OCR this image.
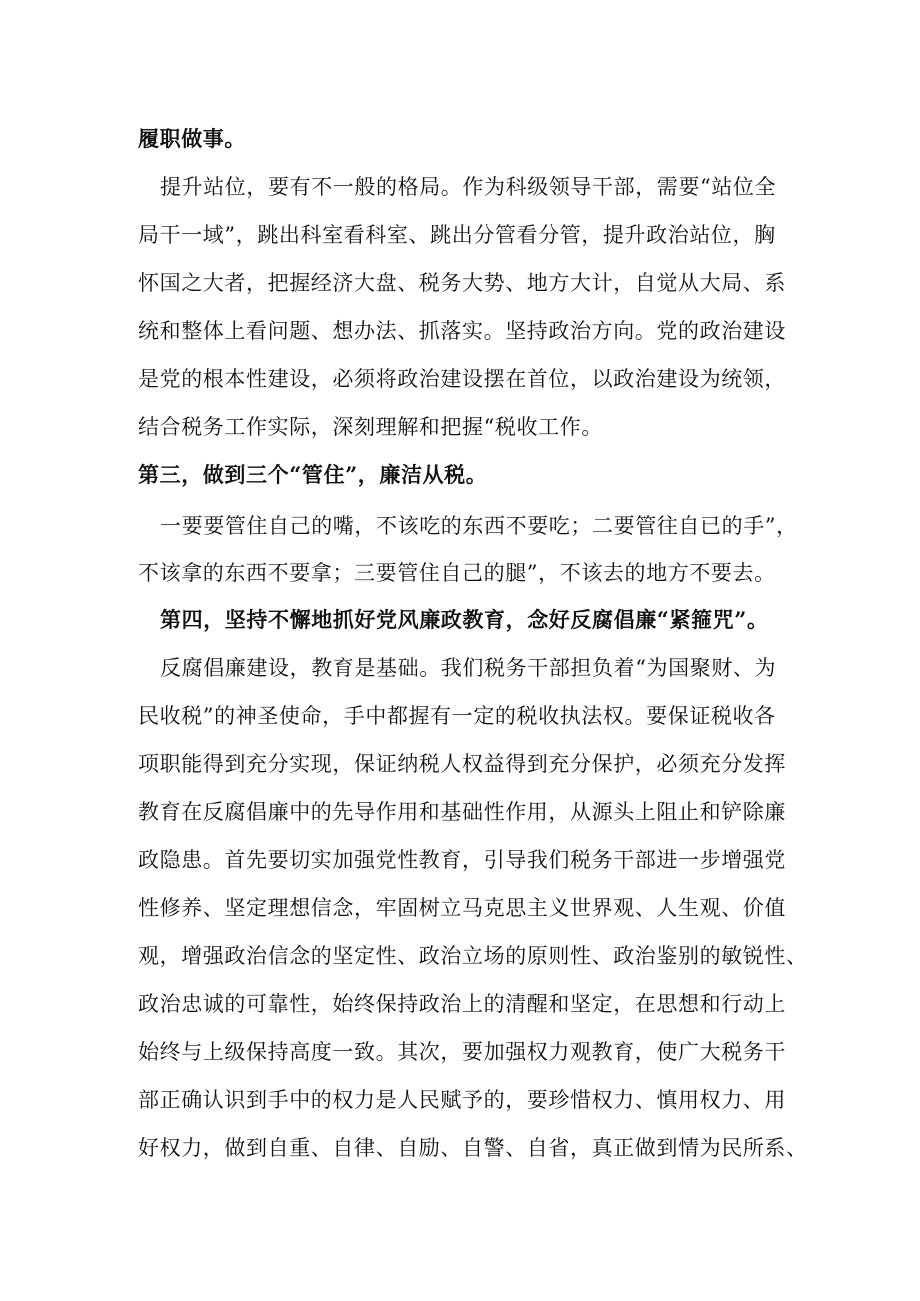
履职做事。
提升站位，要有不一般的格局。作为科级领导干部，需要“站位全
局干一域”，跳出科室看科室、跳出分管看分管，提升政治站位，胸
怀国之大者，把握经济大盘、税务大势、地方大计，自觉从大局、系
统和整体上看问题、想办法、抓落实。坚持政治方向。党的政治建设
是党的根本性建设，必须将政治建设摆在首位，以政治建设为统领，
结合税务工作实际，深刻理解和把握“税收工作。
第三，做到三个“管住”，廉洁从税。
一要要管住自己的嘴，不该吃的东西不要吃；二要管往自已的手”，
不该拿的东西不要拿；三要管住自己的腿”，不该去的地方不要去。
第四，坚持不懈地抓好党风廉政教育，念好反腐倡廉“紧箍咒”。
反腐倡廉建设，教育是基础。我们税务干部担负着“为国聚财、为
民收税”的神圣使命，手中都握有一定的税收执法权。要保证税收各
项职能得到充分实现，保证纳税人权益得到充分保护，必须充分发挥
教育在反腐倡廉中的先导作用和基础性作用，从源头上阻止和铲除廉
政隐患。首先要切实加强党性教育，引导我们税务干部进一步增强党
性修养、坚定理想信念，牢固树立马克思主义世界观、人生观、价值
观，增强政治信念的坚定性、政治立场的原则性、政治鉴别的敏锐性、
政治忠诚的可靠性，始终保持政治上的清醒和坚定，在思想和行动上
始终与上级保持高度一致。其次，要加强权力观教育，使广大税务干
部正确认识到手中的权力是人民赋予的，要珍惜权力、慎用权力、用
好权力，做到自重、自律、自励、自警、自省，真正做到情为民所系、
